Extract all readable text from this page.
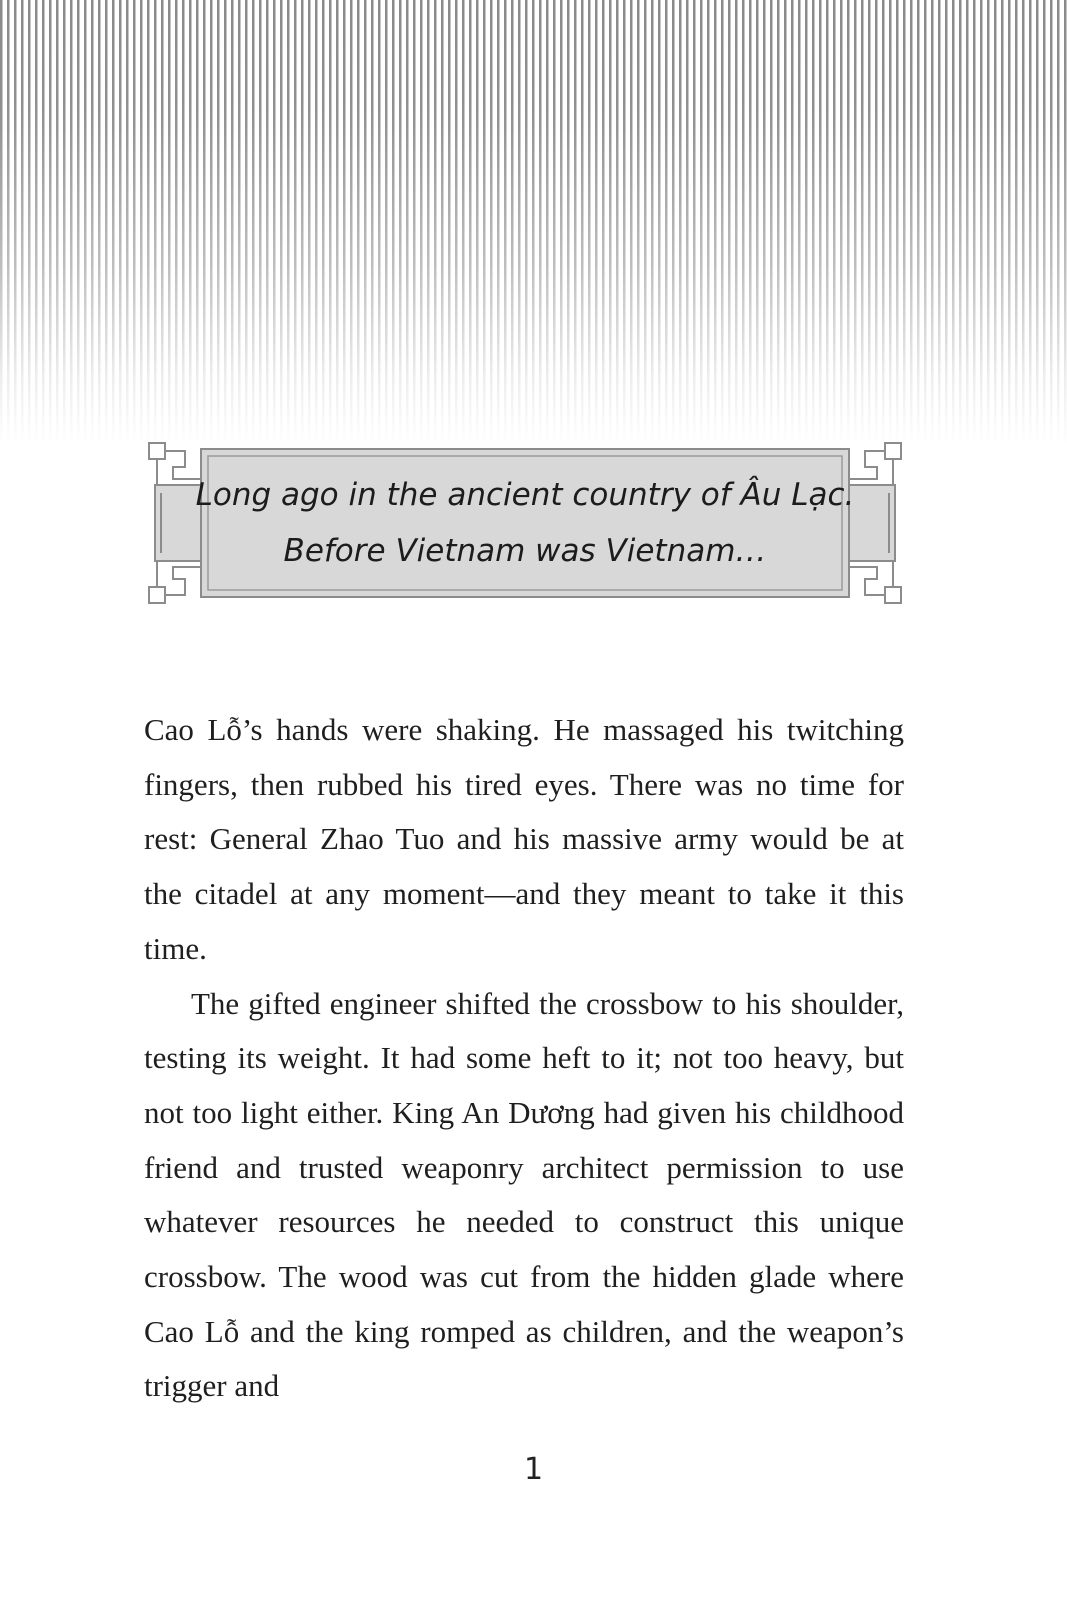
Long ago in the ancient country of Âu Lạc.
Before Vietnam was Vietnam…

Cao Lỗ’s hands were shaking. He massaged his twitching fingers, then rubbed his tired eyes. There was no time for rest: General Zhao Tuo and his massive army would be at the citadel at any moment—and they meant to take it this time.

The gifted engineer shifted the crossbow to his shoulder, testing its weight. It had some heft to it; not too heavy, but not too light either. King An Dương had given his childhood friend and trusted weaponry architect permission to use whatever resources he needed to construct this unique crossbow. The wood was cut from the hidden glade where Cao Lỗ and the king romped as children, and the weapon’s trigger and

1
